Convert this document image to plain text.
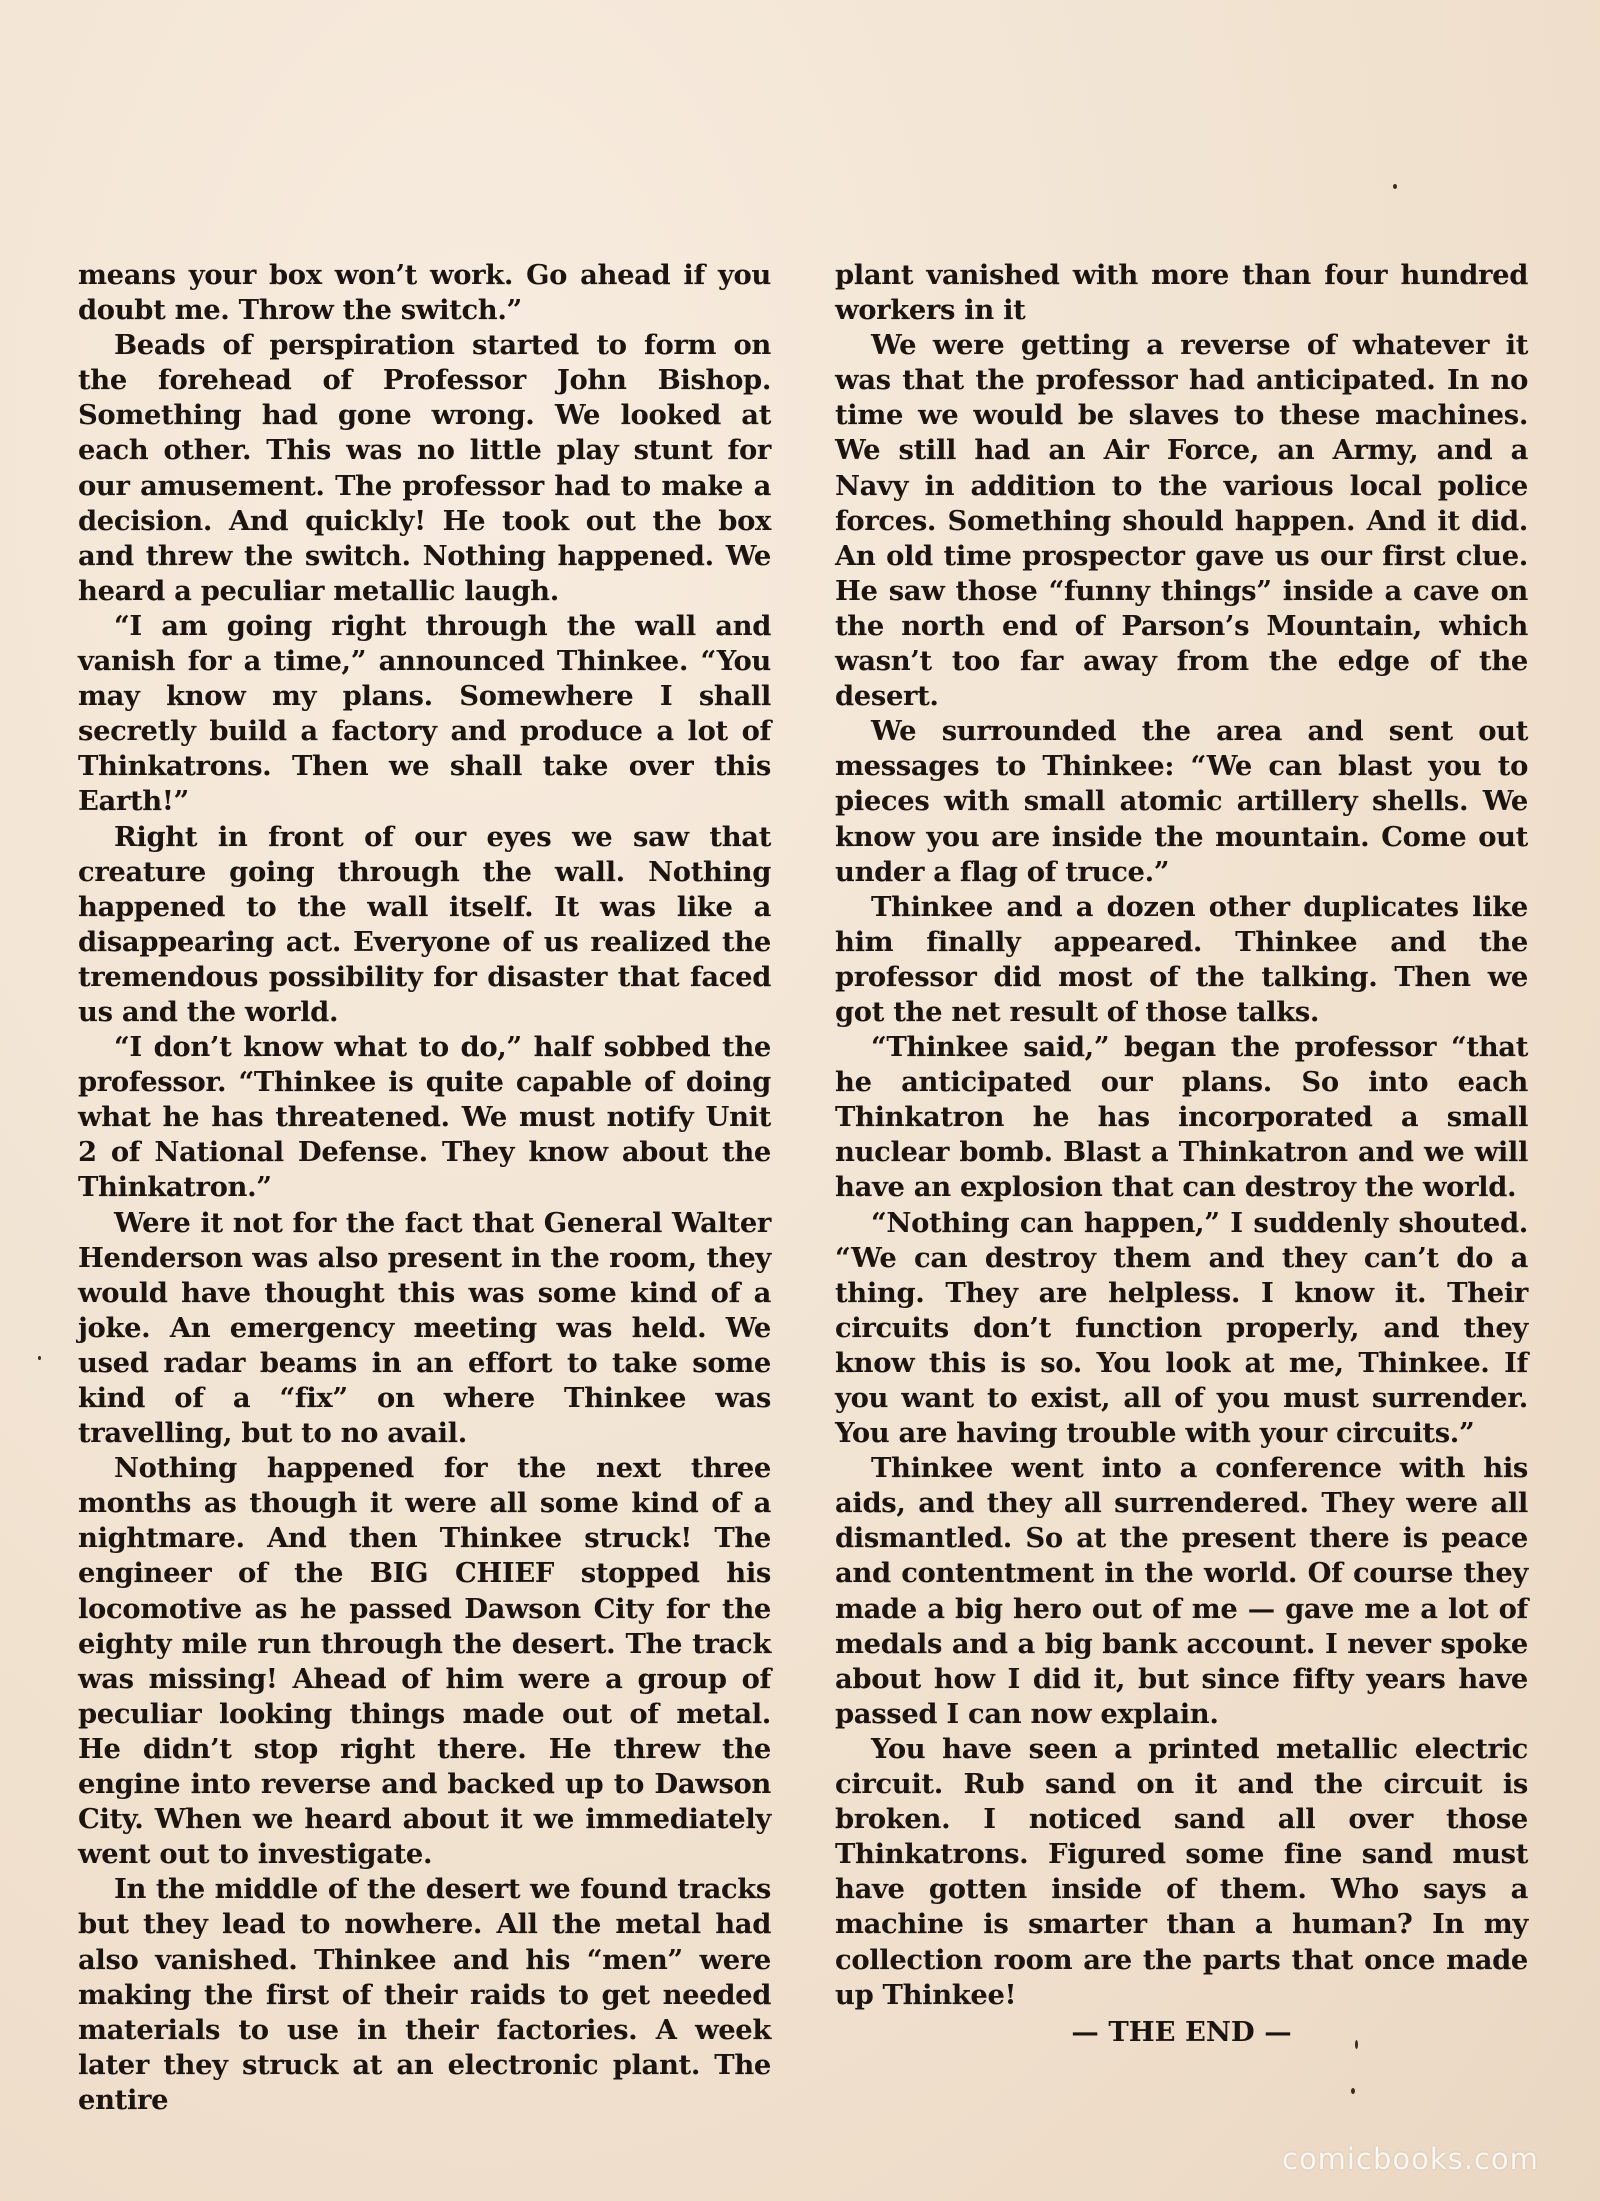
means your box won’t work. Go ahead if you doubt me. Throw the switch.”

Beads of perspiration started to form on the forehead of Professor John Bishop. Something had gone wrong. We looked at each other. This was no little play stunt for our amusement. The professor had to make a decision. And quickly! He took out the box and threw the switch. Nothing happened. We heard a peculiar metallic laugh.

“I am going right through the wall and vanish for a time,” announced Thinkee. “You may know my plans. Somewhere I shall secretly build a factory and produce a lot of Thinkatrons. Then we shall take over this Earth!”

Right in front of our eyes we saw that creature going through the wall. Nothing happened to the wall itself. It was like a disappearing act. Everyone of us realized the tremendous possibility for disaster that faced us and the world.

“I don’t know what to do,” half sobbed the professor. “Thinkee is quite capable of doing what he has threatened. We must notify Unit 2 of National Defense. They know about the Thinkatron.”

Were it not for the fact that General Walter Henderson was also present in the room, they would have thought this was some kind of a joke. An emergency meeting was held. We used radar beams in an effort to take some kind of a “fix” on where Thinkee was travelling, but to no avail.

Nothing happened for the next three months as though it were all some kind of a nightmare. And then Thinkee struck! The engineer of the BIG CHIEF stopped his locomotive as he passed Dawson City for the eighty mile run through the desert. The track was missing! Ahead of him were a group of peculiar looking things made out of metal. He didn’t stop right there. He threw the engine into reverse and backed up to Dawson City. When we heard about it we immediately went out to investigate.

In the middle of the desert we found tracks but they lead to nowhere. All the metal had also vanished. Thinkee and his “men” were making the first of their raids to get needed materials to use in their factories. A week later they struck at an electronic plant. The entire

plant vanished with more than four hundred workers in it

We were getting a reverse of whatever it was that the professor had anticipated. In no time we would be slaves to these machines. We still had an Air Force, an Army, and a Navy in addition to the various local police forces. Something should happen. And it did. An old time prospector gave us our first clue. He saw those “funny things” inside a cave on the north end of Parson’s Mountain, which wasn’t too far away from the edge of the desert.

We surrounded the area and sent out messages to Thinkee: “We can blast you to pieces with small atomic artillery shells. We know you are inside the mountain. Come out under a flag of truce.”

Thinkee and a dozen other duplicates like him finally appeared. Thinkee and the professor did most of the talking. Then we got the net result of those talks.

“Thinkee said,” began the professor “that he anticipated our plans. So into each Thinkatron he has incorporated a small nuclear bomb. Blast a Thinkatron and we will have an explosion that can destroy the world.

“Nothing can happen,” I suddenly shouted. “We can destroy them and they can’t do a thing. They are helpless. I know it. Their circuits don’t function properly, and they know this is so. You look at me, Thinkee. If you want to exist, all of you must surrender. You are having trouble with your circuits.”

Thinkee went into a conference with his aids, and they all surrendered. They were all dismantled. So at the present there is peace and contentment in the world. Of course they made a big hero out of me — gave me a lot of medals and a big bank account. I never spoke about how I did it, but since fifty years have passed I can now explain.

You have seen a printed metallic electric circuit. Rub sand on it and the circuit is broken. I noticed sand all over those Thinkatrons. Figured some fine sand must have gotten inside of them. Who says a machine is smarter than a human? In my collection room are the parts that once made up Thinkee!

— THE END —
comicbooks.com
